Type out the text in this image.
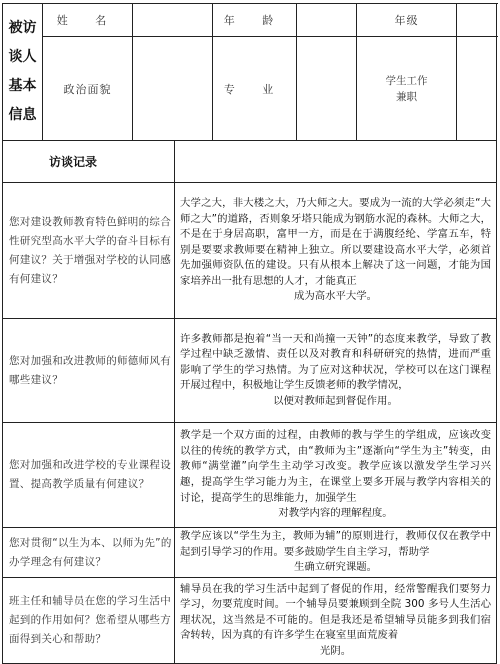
被访
谈人
基本
信息	姓 名			年 龄		年级	
	政治面貌			专 业		学生工作
兼职	

访谈记录							
您对建设教师教育特色鲜明的综合性研究型高水平大学的奋斗目标有何建议？关于增强对学校的认同感有何建议？			大学之大，非大楼之大，乃大师之大。要成为一流的大学必须走“大师之大”的道路，否则象牙塔只能成为钢筋水泥的森林。大师之大，不是在于身居高职，富甲一方，而是在于满腹经纶、学富五车，特别是要要求教师要在精神上独立。所以要建设高水平大学，必须首先加强师资队伍的建设。只有从根本上解决了这一问题，才能为国家培养出一批有思想的人才，才能真正
成为高水平大学。				

您对加强和改进教师的师德师风有哪些建议？			许多教师都是抱着“当一天和尚撞一天钟”的态度来教学，导致了教学过程中缺乏激情、责任以及对教育和科研研究的热情，进而严重影响了学生的学习热情。为了应对这种状况，学校可以在这门课程开展过程中，积极地让学生反馈老师的教学情况，
以便对教师起到督促作用。				

您对加强和改进学校的专业课程设置、提高教学质量有何建议？			教学是一个双方面的过程，由教师的教与学生的学组成，应该改变以往的传统的教学方式，由“教师为主”逐渐向“学生为主”转变，由教师“满堂灌”向学生主动学习改变。教学应该以激发学生学习兴趣，提高学生学习能力为主，在课堂上要多开展与教学内容相关的讨论，提高学生的思维能力，加强学生
对教学内容的理解程度。				

您对贯彻“以生为本、以师为先”的办学理念有何建议？			教学应该以“学生为主，教师为辅”的原则进行，教师仅仅在教学中起到引导学习的作用。要多鼓励学生自主学习，帮助学
生确立研究课题。				

班主任和辅导员在您的学习生活中起到的作用如何？您希望从哪些方面得到关心和帮助？			辅导员在我的学习生活中起到了督促的作用，经常警醒我们要努力学习，勿要荒度时间。一个辅导员要兼顾到全院 300 多号人生活心理状况，这当然是不可能的。但是我还是希望辅导员能多到我们宿舍转转，因为真的有许多学生在寝室里面荒废着
光阴。				
